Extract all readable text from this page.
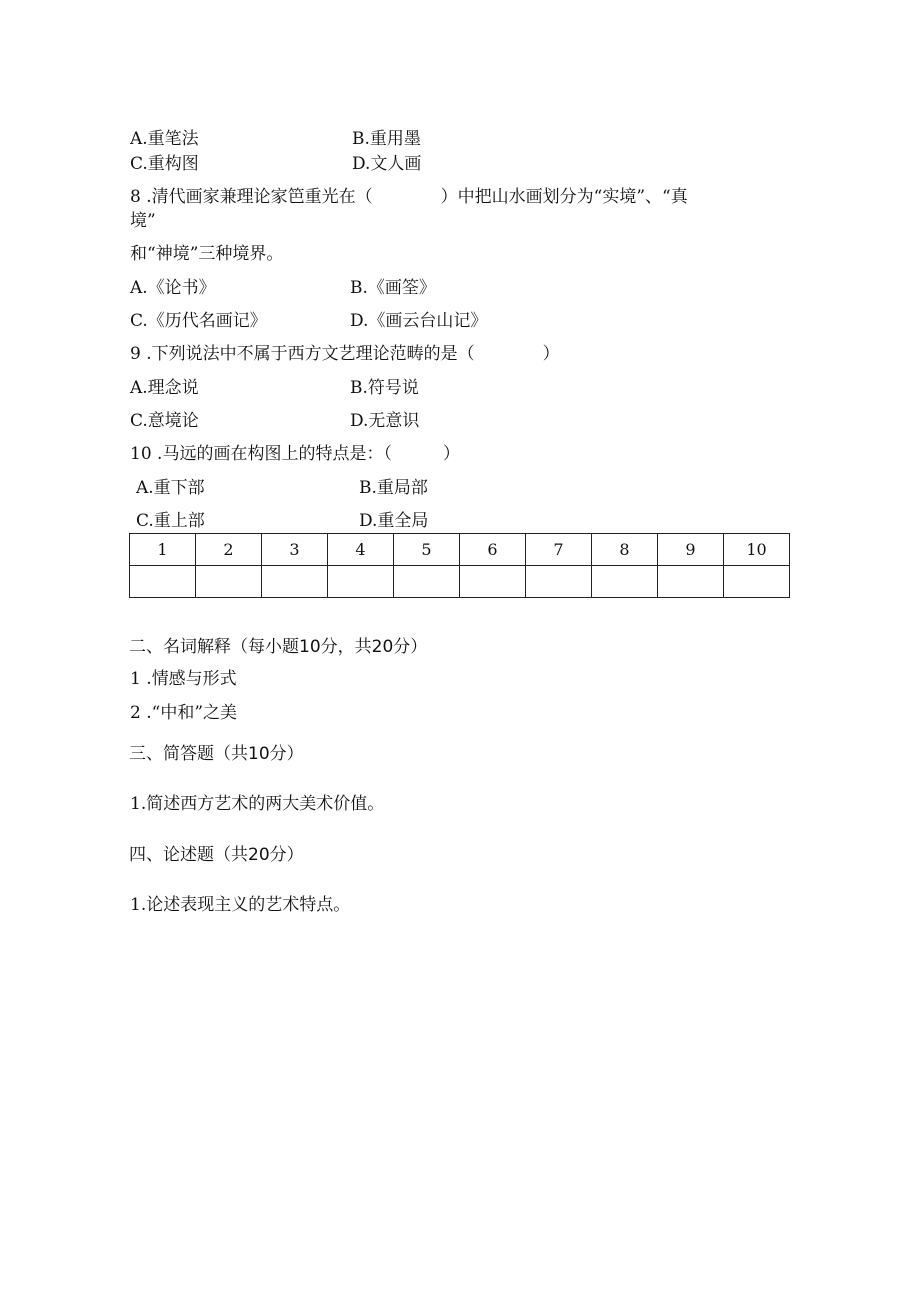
A.重笔法	B.重用墨
C.重构图	D.文人画
8 .清代画家兼理论家笆重光在（　　　　）中把山水画划分为“实境”、“真
境”
和“神境”三种境界。
A.《论书》	B.《画筌》
C.《历代名画记》	D.《画云台山记》
9 .下列说法中不属于西方文艺理论范畴的是（　　　　）
A.理念说	B.符号说
C.意境论	D.无意识
10 .马远的画在构图上的特点是：（　　　）
A.重下部	B.重局部
C.重上部	D.重全局
1	2	3	4	5	6	7	8	9	10

二、名词解释（每小题10分，共20分）
1 .情感与形式
2 .“中和”之美
三、简答题（共10分）
1.简述西方艺术的两大美术价值。
四、论述题（共20分）
1.论述表现主义的艺术特点。
